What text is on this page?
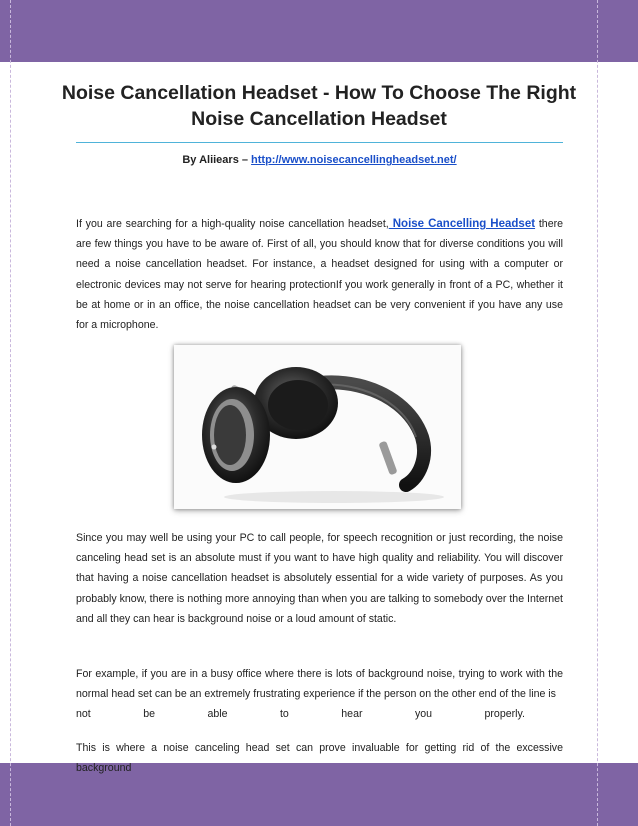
Noise Cancellation Headset - How To Choose The Right Noise Cancellation Headset
By Aliiears – http://www.noisecancellingheadset.net/
If you are searching for a high-quality noise cancellation headset, Noise Cancelling Headset there are few things you have to be aware of. First of all, you should know that for diverse conditions you will need a noise cancellation headset. For instance, a headset designed for using with a computer or electronic devices may not serve for hearing protectionIf you work generally in front of a PC, whether it be at home or in an office, the noise cancellation headset can be very convenient if you have any use for a microphone.
Since you may well be using your PC to call people, for speech recognition or just recording, the noise canceling head set is an absolute must if you want to have high quality and reliability. You will discover that having a noise cancellation headset is absolutely essential for a wide variety of purposes. As you probably know, there is nothing more annoying than when you are talking to somebody over the Internet and all they can hear is background noise or a loud amount of static.
For example, if you are in a busy office where there is lots of background noise, trying to work with the normal head set can be an extremely frustrating experience if the person on the other end of the line is
not	be	able	to	hear	you	properly.
This is where a noise canceling head set can prove invaluable for getting rid of the excessive background
